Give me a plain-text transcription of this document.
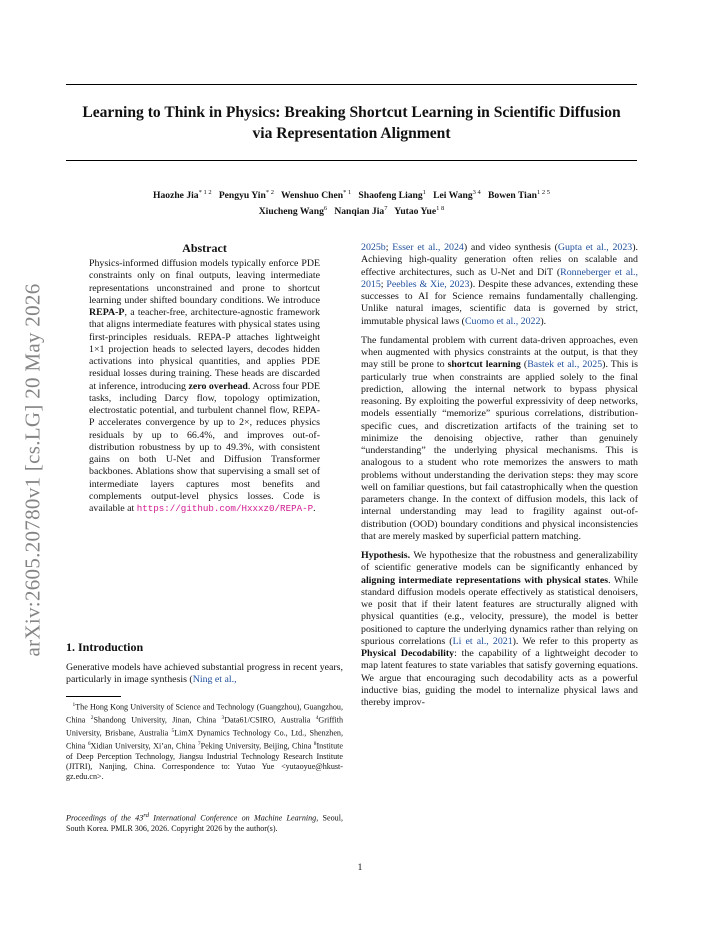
Learning to Think in Physics: Breaking Shortcut Learning in Scientific Diffusion
via Representation Alignment
Haozhe Jia$^{* 1 2}$ Pengyu Yin$^{* 2}$ Wenshuo Chen$^{* 1}$ Shaofeng Liang$^1$ Lei Wang$^{3 4}$ Bowen Tian$^{1 2 5}$
Xiucheng Wang$^6$ Nanqian Jia$^7$ Yutao Yue$^{1 8}$
arXiv:2605.20780v1 [cs.LG] 20 May 2026
Abstract

Physics-informed diffusion models typically enforce PDE constraints only on final outputs, leaving intermediate representations unconstrained and prone to shortcut learning under shifted boundary conditions. We introduce REPA-P, a teacher-free, architecture-agnostic framework that aligns intermediate features with physical states using first-principles residuals. REPA-P attaches lightweight 1×1 projection heads to selected layers, decodes hidden activations into physical quantities, and applies PDE residual losses during training. These heads are discarded at inference, introducing zero overhead. Across four PDE tasks, including Darcy flow, topology optimization, electrostatic potential, and turbulent channel flow, REPA-P accelerates convergence by up to 2×, reduces physics residuals by up to 66.4%, and improves out-of-distribution robustness by up to 49.3%, with consistent gains on both U-Net and Diffusion Transformer backbones. Ablations show that supervising a small set of intermediate layers captures most benefits and complements output-level physics losses. Code is available at https://github.com/Hxxxz0/REPA-P.

1. Introduction

Generative models have achieved substantial progress in recent years, particularly in image synthesis (Ning et al.,

$^1$The Hong Kong University of Science and Technology (Guangzhou), Guangzhou, China $^2$Shandong University, Jinan, China $^3$Data61/CSIRO, Australia $^4$Griffith University, Brisbane, Australia $^5$LimX Dynamics Technology Co., Ltd., Shenzhen, China $^6$Xidian University, Xi’an, China $^7$Peking University, Beijing, China $^8$Institute of Deep Perception Technology, Jiangsu Industrial Technology Research Institute (JITRI), Nanjing, China. Correspondence to: Yutao Yue <yutaoyue@hkust-gz.edu.cn>.

Proceedings of the 43rd International Conference on Machine Learning, Seoul, South Korea. PMLR 306, 2026. Copyright 2026 by the author(s).

2025b; Esser et al., 2024) and video synthesis (Gupta et al., 2023). Achieving high-quality generation often relies on scalable and effective architectures, such as U-Net and DiT (Ronneberger et al., 2015; Peebles & Xie, 2023). Despite these advances, extending these successes to AI for Science remains fundamentally challenging. Unlike natural images, scientific data is governed by strict, immutable physical laws (Cuomo et al., 2022).

The fundamental problem with current data-driven approaches, even when augmented with physics constraints at the output, is that they may still be prone to shortcut learning (Bastek et al., 2025). This is particularly true when constraints are applied solely to the final prediction, allowing the internal network to bypass physical reasoning. By exploiting the powerful expressivity of deep networks, models essentially “memorize” spurious correlations, distribution-specific cues, and discretization artifacts of the training set to minimize the denoising objective, rather than genuinely “understanding” the underlying physical mechanisms. This is analogous to a student who rote memorizes the answers to math problems without understanding the derivation steps: they may score well on familiar questions, but fail catastrophically when the question parameters change. In the context of diffusion models, this lack of internal understanding may lead to fragility against out-of-distribution (OOD) boundary conditions and physical inconsistencies that are merely masked by superficial pattern matching.

Hypothesis. We hypothesize that the robustness and generalizability of scientific generative models can be significantly enhanced by aligning intermediate representations with physical states. While standard diffusion models operate effectively as statistical denoisers, we posit that if their latent features are structurally aligned with physical quantities (e.g., velocity, pressure), the model is better positioned to capture the underlying dynamics rather than relying on spurious correlations (Li et al., 2021). We refer to this property as Physical Decodability: the capability of a lightweight decoder to map latent features to state variables that satisfy governing equations. We argue that encouraging such decodability acts as a powerful inductive bias, guiding the model to internalize physical laws and thereby improv-

1
